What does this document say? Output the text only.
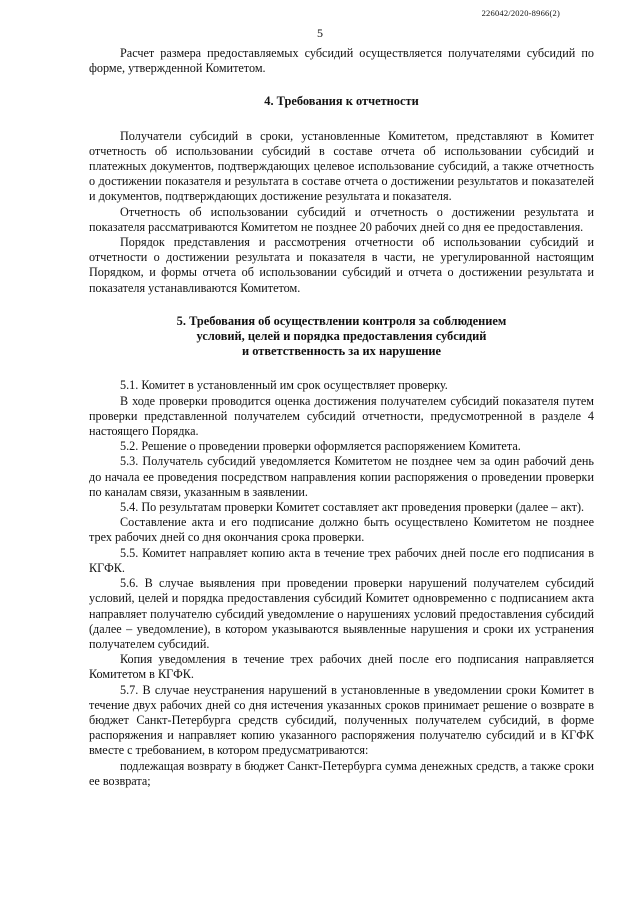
226042/2020-8966(2)
5

Расчет размера предоставляемых субсидий осуществляется получателями субсидий по форме, утвержденной Комитетом.

4. Требования к отчетности

Получатели субсидий в сроки, установленные Комитетом, представляют в Комитет отчетность об использовании субсидий в составе отчета об использовании субсидий и платежных документов, подтверждающих целевое использование субсидий, а также отчетность о достижении показателя и результата в составе отчета о достижении результатов и показателей и документов, подтверждающих достижение результата и показателя.

Отчетность об использовании субсидий и отчетность о достижении результата и показателя рассматриваются Комитетом не позднее 20 рабочих дней со дня ее предоставления.

Порядок представления и рассмотрения отчетности об использовании субсидий и отчетности о достижении результата и показателя в части, не урегулированной настоящим Порядком, и формы отчета об использовании субсидий и отчета о достижении результата и показателя устанавливаются Комитетом.

5. Требования об осуществлении контроля за соблюдением
условий, целей и порядка предоставления субсидий
и ответственность за их нарушение

5.1. Комитет в установленный им срок осуществляет проверку.

В ходе проверки проводится оценка достижения получателем субсидий показателя путем проверки представленной получателем субсидий отчетности, предусмотренной в разделе 4 настоящего Порядка.

5.2. Решение о проведении проверки оформляется распоряжением Комитета.

5.3. Получатель субсидий уведомляется Комитетом не позднее чем за один рабочий день до начала ее проведения посредством направления копии распоряжения о проведении проверки по каналам связи, указанным в заявлении.

5.4. По результатам проверки Комитет составляет акт проведения проверки (далее – акт).

Составление акта и его подписание должно быть осуществлено Комитетом не позднее трех рабочих дней со дня окончания срока проверки.

5.5. Комитет направляет копию акта в течение трех рабочих дней после его подписания в КГФК.

5.6. В случае выявления при проведении проверки нарушений получателем субсидий условий, целей и порядка предоставления субсидий Комитет одновременно с подписанием акта направляет получателю субсидий уведомление о нарушениях условий предоставления субсидий (далее – уведомление), в котором указываются выявленные нарушения и сроки их устранения получателем субсидий.

Копия уведомления в течение трех рабочих дней после его подписания направляется Комитетом в КГФК.

5.7. В случае неустранения нарушений в установленные в уведомлении сроки Комитет в течение двух рабочих дней со дня истечения указанных сроков принимает решение о возврате в бюджет Санкт-Петербурга средств субсидий, полученных получателем субсидий, в форме распоряжения и направляет копию указанного распоряжения получателю субсидий и в КГФК вместе с требованием, в котором предусматриваются:

подлежащая возврату в бюджет Санкт-Петербурга сумма денежных средств, а также сроки ее возврата;
